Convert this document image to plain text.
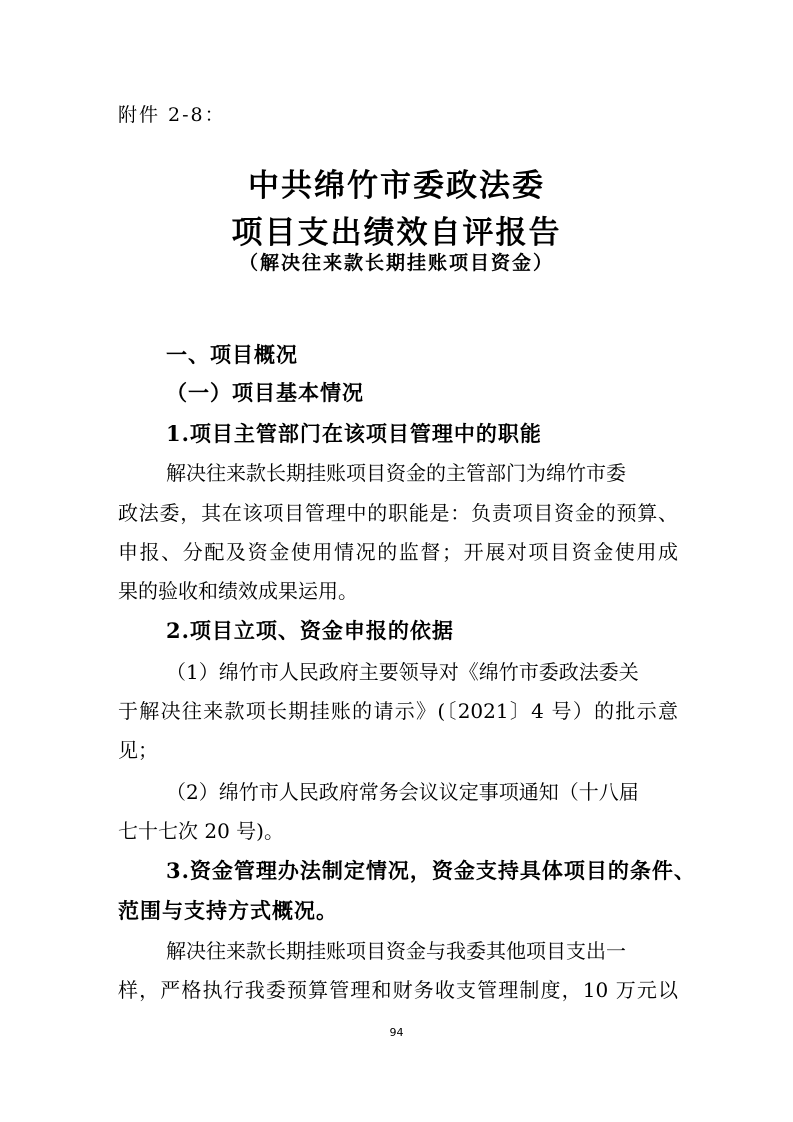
附件 2-8：
中共绵竹市委政法委
项目支出绩效自评报告
（解决往来款长期挂账项目资金）
一、项目概况
（一）项目基本情况
1.项目主管部门在该项目管理中的职能
解决往来款长期挂账项目资金的主管部门为绵竹市委
政法委，其在该项目管理中的职能是：负责项目资金的预算、
申报、分配及资金使用情况的监督；开展对项目资金使用成
果的验收和绩效成果运用。
2.项目立项、资金申报的依据
（1）绵竹市人民政府主要领导对《绵竹市委政法委关
于解决往来款项长期挂账的请示》(〔2021〕4 号）的批示意
见；
（2）绵竹市人民政府常务会议议定事项通知（十八届
七十七次 20 号)。
3.资金管理办法制定情况，资金支持具体项目的条件、
范围与支持方式概况。
解决往来款长期挂账项目资金与我委其他项目支出一
样，严格执行我委预算管理和财务收支管理制度，10 万元以
94
